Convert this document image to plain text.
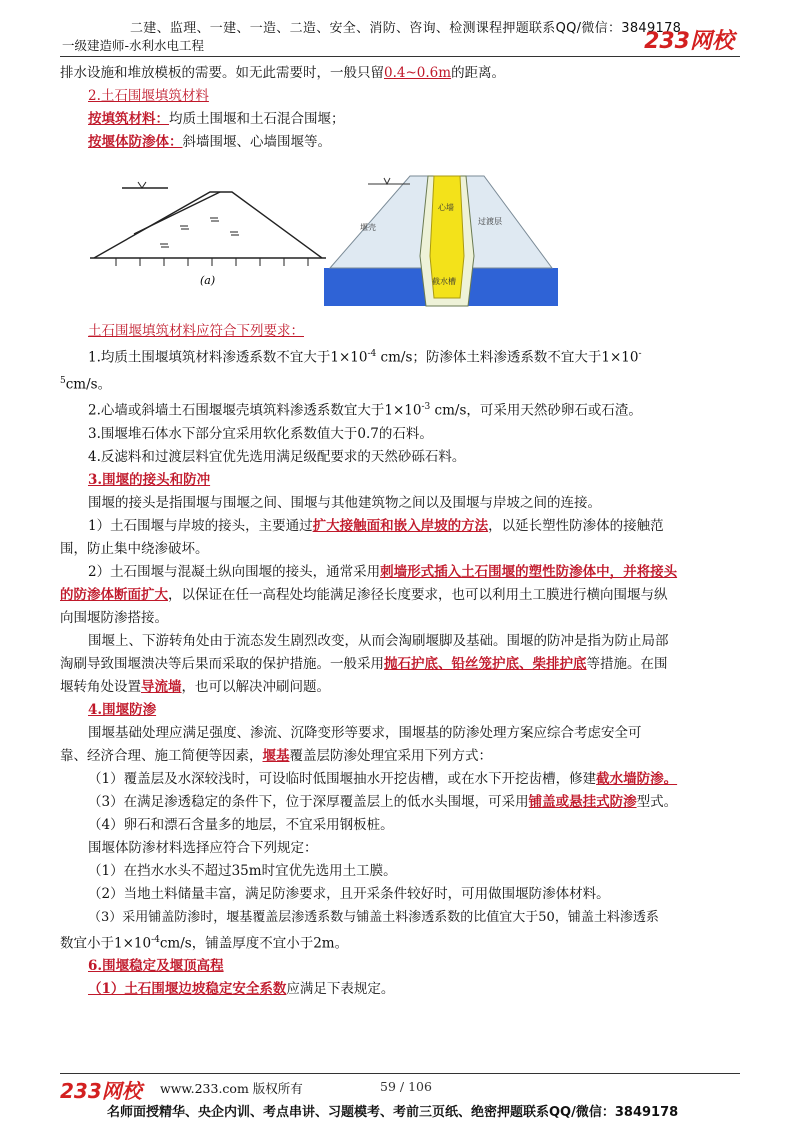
二建、监理、一建、一造、二造、安全、消防、咨询、检测课程押题联系QQ/微信：3849178
一级建造师-水利水电工程	233网校

排水设施和堆放模板的需要。如无此需要时，一般只留0.4~0.6m的距离。

2.土石围堰填筑材料

按填筑材料：均质土围堰和土石混合围堰；

按堰体防渗体：斜墙围堰、心墙围堰等。

(a)
堰壳
心墙
过渡层
截水槽

土石围堰填筑材料应符合下列要求：

1.均质土围堰填筑材料渗透系数不宜大于$1\times 10^{-4}$ cm/s；防渗体土料渗透系数不宜大于1×10-

$^5$cm/s。

2.心墙或斜墙土石围堰堰壳填筑料渗透系数宜大于$1\times 10^{-3}$ cm/s，可采用天然砂卵石或石渣。

3.围堰堆石体水下部分宜采用软化系数值大于0.7的石料。

4.反滤料和过渡层料宜优先选用满足级配要求的天然砂砾石料。

3.围堰的接头和防冲

围堰的接头是指围堰与围堰之间、围堰与其他建筑物之间以及围堰与岸坡之间的连接。

1）土石围堰与岸坡的接头，主要通过扩大接触面和嵌入岸坡的方法，以延长塑性防渗体的接触范

围，防止集中绕渗破坏。

2）土石围堰与混凝土纵向围堰的接头，通常采用刺墙形式插入土石围堰的塑性防渗体中，并将接头

的防渗体断面扩大，以保证在任一高程处均能满足渗径长度要求，也可以利用土工膜进行横向围堰与纵

向围堰防渗搭接。

围堰上、下游转角处由于流态发生剧烈改变，从而会淘刷堰脚及基础。围堰的防冲是指为防止局部

淘刷导致围堰溃决等后果而采取的保护措施。一般采用抛石护底、铅丝笼护底、柴排护底等措施。在围

堰转角处设置导流墙，也可以解决冲刷问题。

4.围堰防渗

围堰基础处理应满足强度、渗流、沉降变形等要求，围堰基的防渗处理方案应综合考虑安全可

靠、经济合理、施工简便等因素，堰基覆盖层防渗处理宜采用下列方式：

（1）覆盖层及水深较浅时，可设临时低围堰抽水开挖齿槽，或在水下开挖齿槽，修建截水墙防渗。

（3）在满足渗透稳定的条件下，位于深厚覆盖层上的低水头围堰，可采用铺盖或悬挂式防渗型式。

（4）卵石和漂石含量多的地层，不宜采用钢板桩。

围堰体防渗材料选择应符合下列规定：

（1）在挡水水头不超过35m时宜优先选用土工膜。

（2）当地土料储量丰富，满足防渗要求，且开采条件较好时，可用做围堰防渗体材料。

（3）采用铺盖防渗时，堰基覆盖层渗透系数与铺盖土料渗透系数的比值宜大于50，铺盖土料渗透系

数宜小于$1\times 10^{-4}cm/s$，铺盖厚度不宜小于2m。

6.围堰稳定及堰顶高程

（1）土石围堰边坡稳定安全系数应满足下表规定。

233网校 www.233.com 版权所有	59 / 106
名师面授精华、央企内训、考点串讲、习题模考、考前三页纸、绝密押题联系QQ/微信：3849178
